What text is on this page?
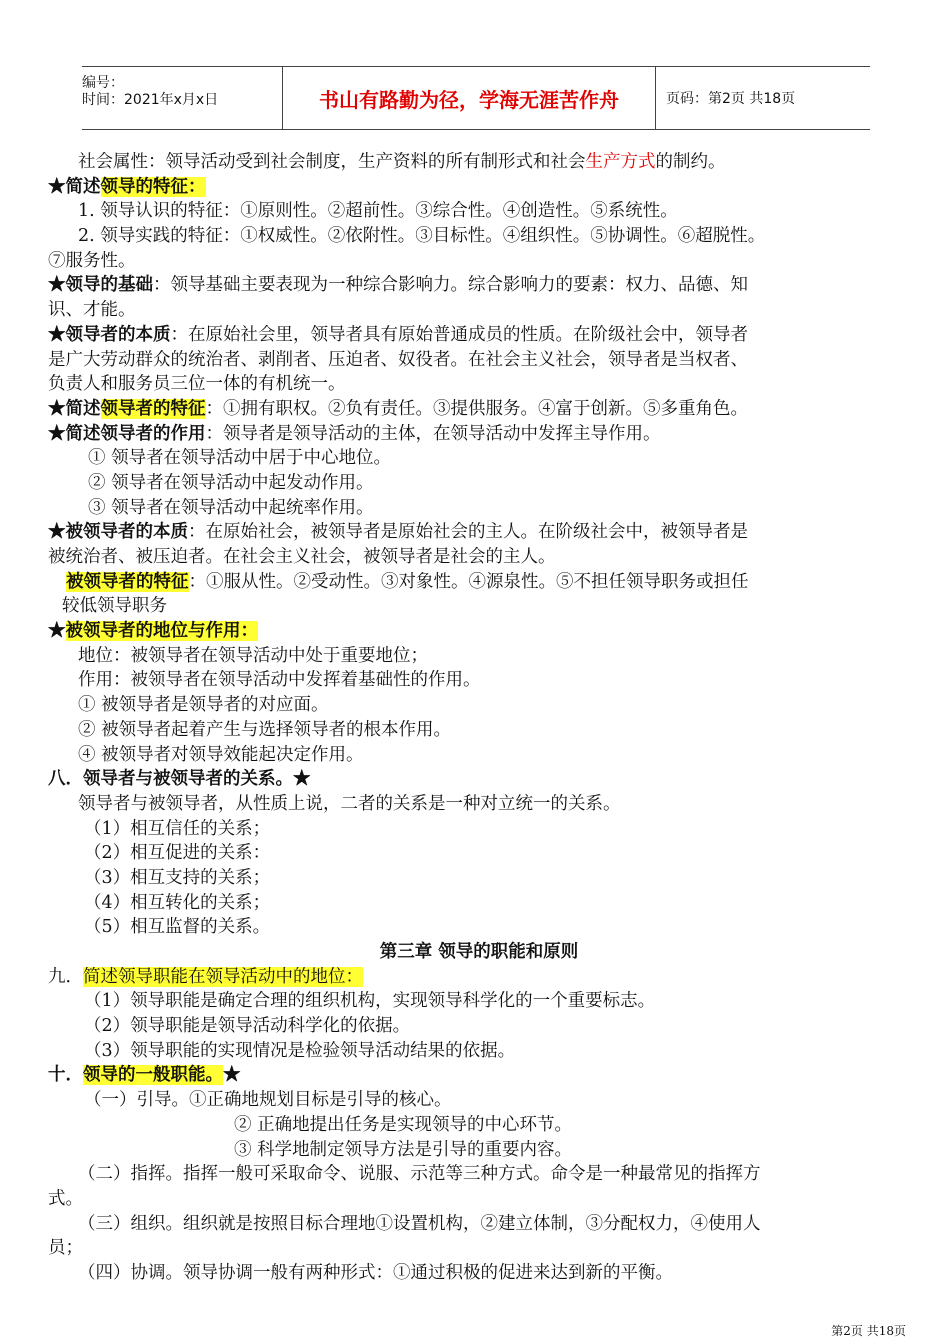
编号：
时间：2021年x月x日	书山有路勤为径，学海无涯苦作舟	页码：第2页 共18页
社会属性：领导活动受到社会制度，生产资料的所有制形式和社会生产方式的制约。
★简述领导的特征：
1. 领导认识的特征：①原则性。②超前性。③综合性。④创造性。⑤系统性。
2. 领导实践的特征：①权威性。②依附性。③目标性。④组织性。⑤协调性。⑥超脱性。
⑦服务性。
★领导的基础：领导基础主要表现为一种综合影响力。综合影响力的要素：权力、品德、知
识、才能。
★领导者的本质：在原始社会里，领导者具有原始普通成员的性质。在阶级社会中，领导者
是广大劳动群众的统治者、剥削者、压迫者、奴役者。在社会主义社会，领导者是当权者、
负责人和服务员三位一体的有机统一。
★简述领导者的特征：①拥有职权。②负有责任。③提供服务。④富于创新。⑤多重角色。
★简述领导者的作用：领导者是领导活动的主体，在领导活动中发挥主导作用。
① 领导者在领导活动中居于中心地位。
② 领导者在领导活动中起发动作用。
③ 领导者在领导活动中起统率作用。
★被领导者的本质：在原始社会，被领导者是原始社会的主人。在阶级社会中，被领导者是
被统治者、被压迫者。在社会主义社会，被领导者是社会的主人。
被领导者的特征：①服从性。②受动性。③对象性。④源泉性。⑤不担任领导职务或担任
较低领导职务
★被领导者的地位与作用：
地位：被领导者在领导活动中处于重要地位；
作用：被领导者在领导活动中发挥着基础性的作用。
① 被领导者是领导者的对应面。
② 被领导者起着产生与选择领导者的根本作用。
④ 被领导者对领导效能起决定作用。
八．领导者与被领导者的关系。★
领导者与被领导者，从性质上说，二者的关系是一种对立统一的关系。
（1）相互信任的关系；
（2）相互促进的关系：
（3）相互支持的关系；
（4）相互转化的关系；
（5）相互监督的关系。
第三章 领导的职能和原则
九．简述领导职能在领导活动中的地位：
（1）领导职能是确定合理的组织机构，实现领导科学化的一个重要标志。
（2）领导职能是领导活动科学化的依据。
（3）领导职能的实现情况是检验领导活动结果的依据。
十．领导的一般职能。★
（一）引导。①正确地规划目标是引导的核心。
② 正确地提出任务是实现领导的中心环节。
③ 科学地制定领导方法是引导的重要内容。
（二）指挥。指挥一般可采取命令、说服、示范等三种方式。命令是一种最常见的指挥方
式。
（三）组织。组织就是按照目标合理地①设置机构，②建立体制，③分配权力，④使用人
员；
（四）协调。领导协调一般有两种形式：①通过积极的促进来达到新的平衡。
第2页 共18页
